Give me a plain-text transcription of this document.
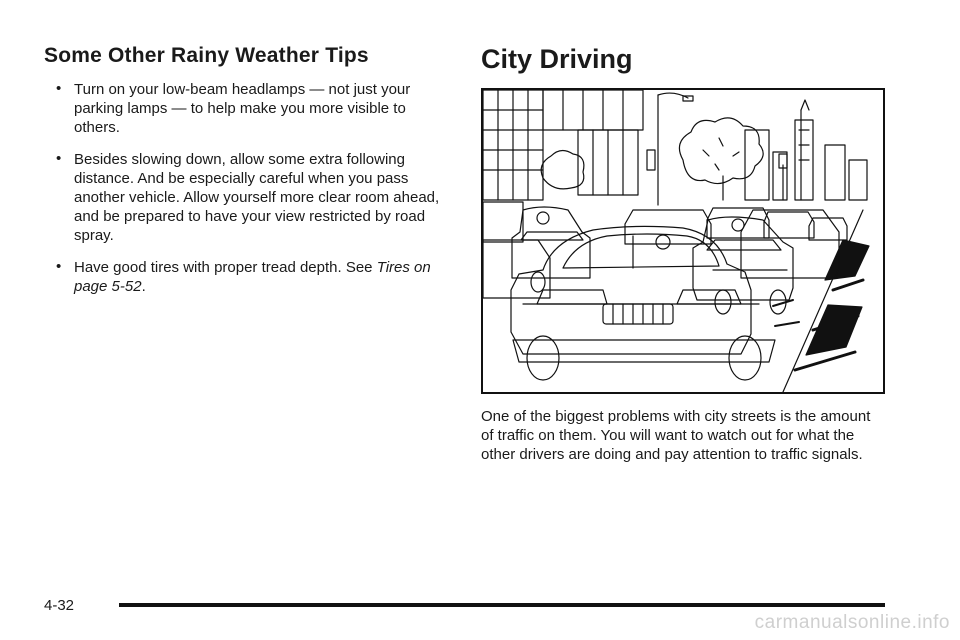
Some Other Rainy Weather Tips
• Turn on your low-beam headlamps — not just your parking lamps — to help make you more visible to others.
• Besides slowing down, allow some extra following distance. And be especially careful when you pass another vehicle. Allow yourself more clear room ahead, and be prepared to have your view restricted by road spray.
• Have good tires with proper tread depth. See Tires on page 5-52.
City Driving

One of the biggest problems with city streets is the amount of traffic on them. You will want to watch out for what the other drivers are doing and pay attention to traffic signals.

4-32
carmanualsonline.info
